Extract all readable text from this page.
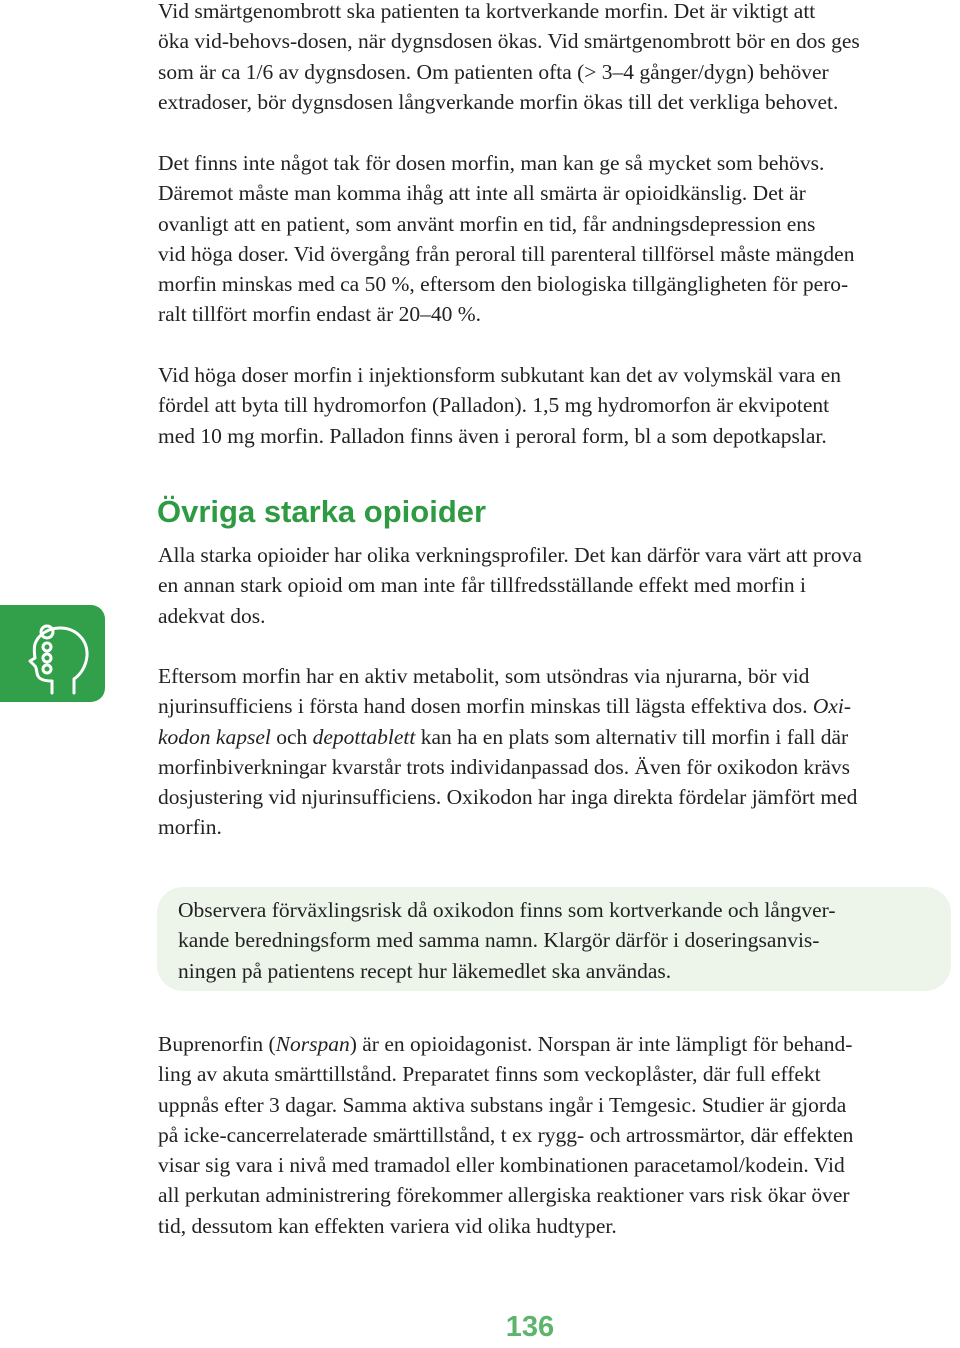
Vid smärtgenombrott ska patienten ta kortverkande morfin. Det är viktigt att
öka vid-behovs-dosen, när dygnsdosen ökas. Vid smärtgenombrott bör en dos ges
som är ca 1/6 av dygnsdosen. Om patienten ofta (> 3–4 gånger/dygn) behöver
extradoser, bör dygnsdosen långverkande morfin ökas till det verkliga behovet.

Det finns inte något tak för dosen morfin, man kan ge så mycket som behövs.
Däremot måste man komma ihåg att inte all smärta är opioidkänslig. Det är
ovanligt att en patient, som använt morfin en tid, får andningsdepression ens
vid höga doser. Vid övergång från peroral till parenteral tillförsel måste mängden
morfin minskas med ca 50 %, eftersom den biologiska tillgängligheten för pero-
ralt tillfört morfin endast är 20–40 %.

Vid höga doser morfin i injektionsform subkutant kan det av volymskäl vara en
fördel att byta till hydromorfon (Palladon). 1,5 mg hydromorfon är ekvipotent
med 10 mg morfin. Palladon finns även i peroral form, bl a som depotkapslar.

Övriga starka opioider

Alla starka opioider har olika verkningsprofiler. Det kan därför vara värt att prova
en annan stark opioid om man inte får tillfredsställande effekt med morfin i
adekvat dos.

Eftersom morfin har en aktiv metabolit, som utsöndras via njurarna, bör vid
njurinsufficiens i första hand dosen morfin minskas till lägsta effektiva dos. Oxi-
kodon kapsel och depottablett kan ha en plats som alternativ till morfin i fall där
morfinbiverkningar kvarstår trots individanpassad dos. Även för oxikodon krävs
dosjustering vid njurinsufficiens. Oxikodon har inga direkta fördelar jämfört med
morfin.

Observera förväxlingsrisk då oxikodon finns som kortverkande och långver-
kande beredningsform med samma namn. Klargör därför i doseringsanvis-
ningen på patientens recept hur läkemedlet ska användas.

Buprenorfin (Norspan) är en opioidagonist. Norspan är inte lämpligt för behand-
ling av akuta smärttillstånd. Preparatet finns som veckoplåster, där full effekt
uppnås efter 3 dagar. Samma aktiva substans ingår i Temgesic. Studier är gjorda
på icke-cancerrelaterade smärttillstånd, t ex rygg- och artrossmärtor, där effekten
visar sig vara i nivå med tramadol eller kombinationen paracetamol/kodein. Vid
all perkutan administrering förekommer allergiska reaktioner vars risk ökar över
tid, dessutom kan effekten variera vid olika hudtyper.

136
